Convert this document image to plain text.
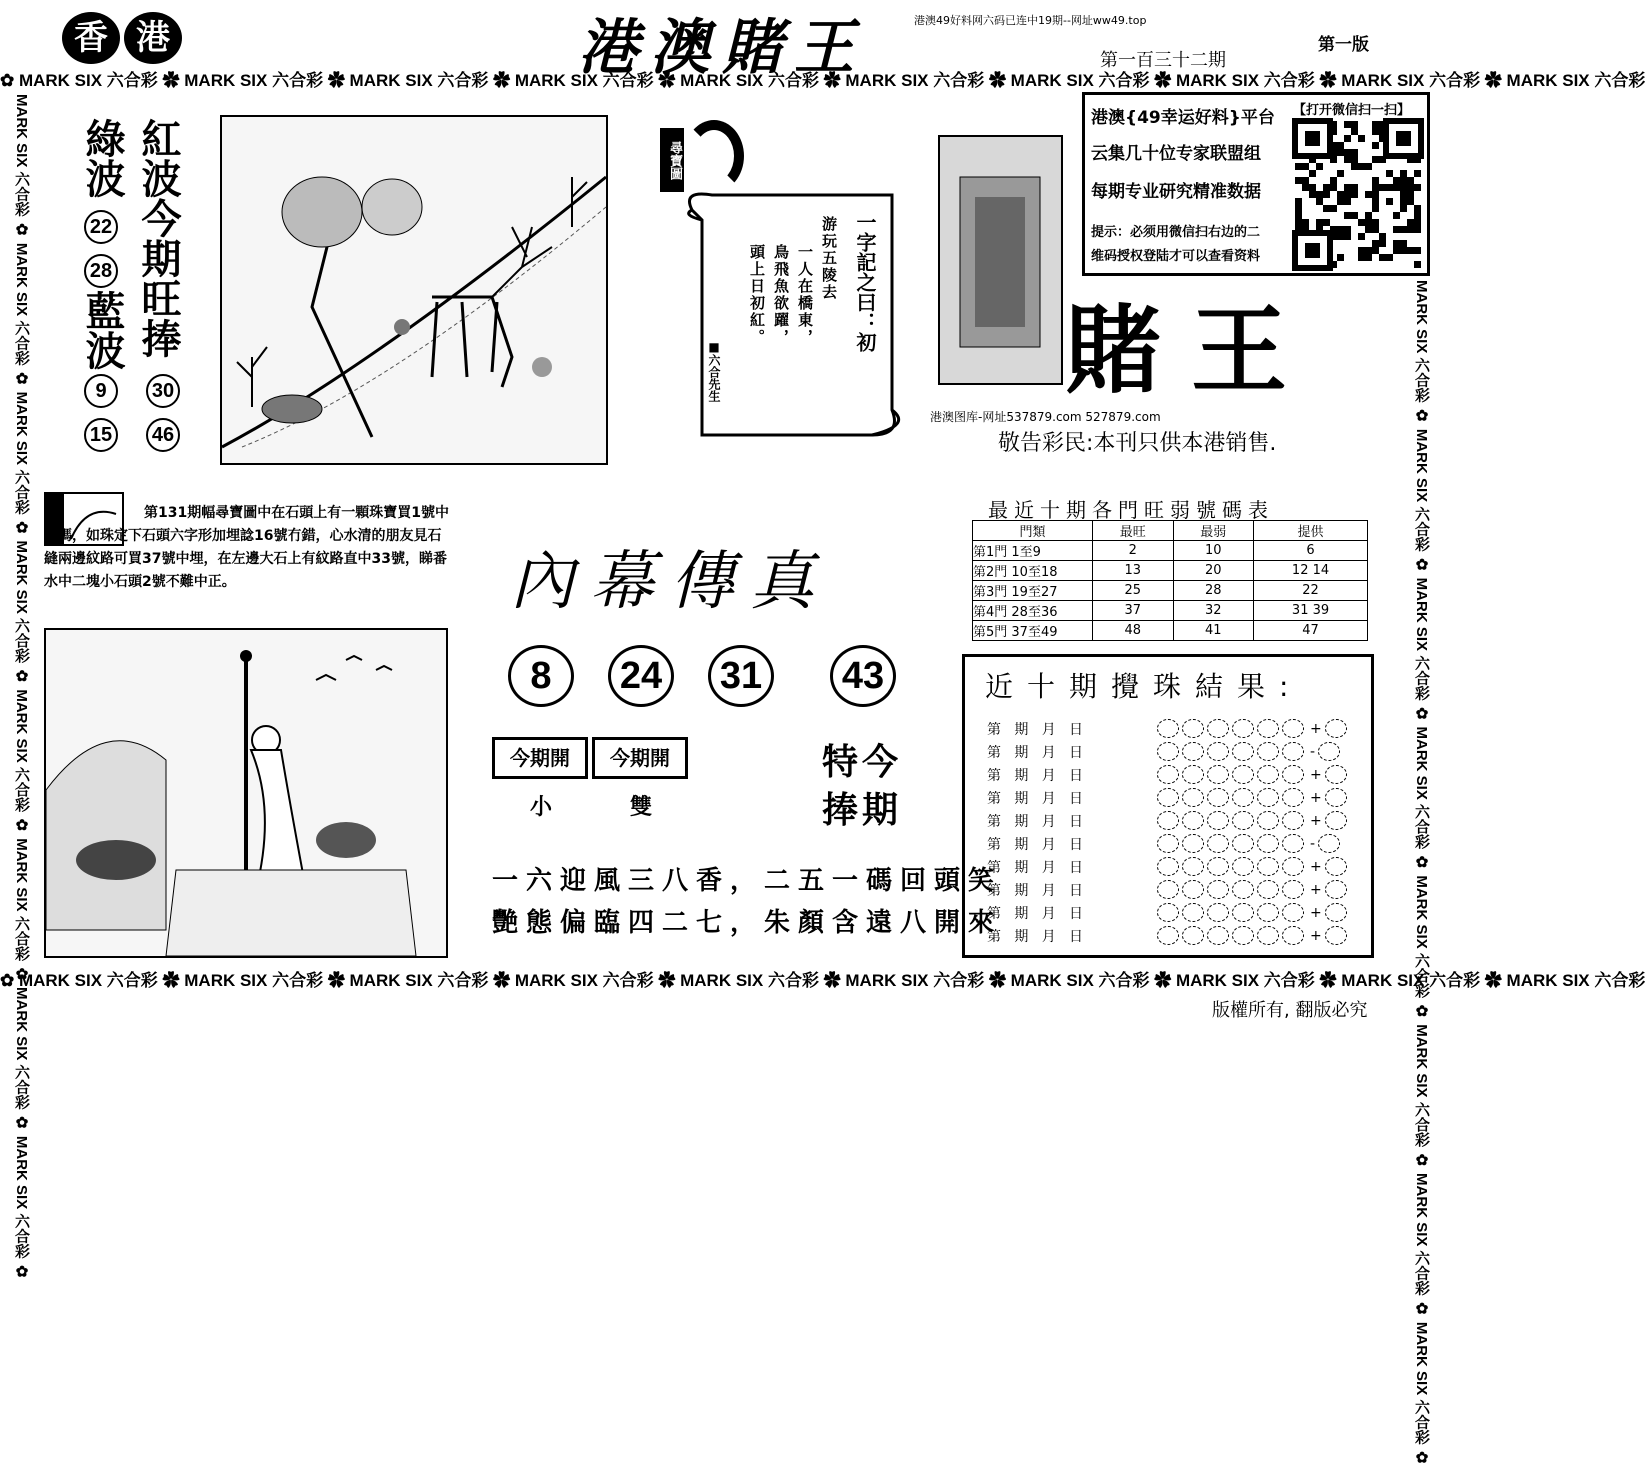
香 港	港澳賭王	港澳49好料网六码已连中19期--网址ww49.top
第一百三十二期
第一版
✿ MARK SIX 六合彩 ✿ MARK SIX 六合彩 ✿ MARK SIX 六合彩 ✿ MARK SIX 六合彩 ✿ MARK SIX 六合彩 ✿ MARK SIX 六合彩 ✿ MARK SIX 六合彩 ✿ MARK SIX 六合彩 ✿ MARK SIX 六合彩 ✿ MARK SIX 六合彩
✿ MARK SIX 六合彩 ✿ MARK SIX 六合彩 ✿ MARK SIX 六合彩 ✿ MARK SIX 六合彩 ✿ MARK SIX 六合彩 ✿ MARK SIX 六合彩 ✿ MARK SIX 六合彩 ✿ MARK SIX 六合彩 ✿ MARK SIX 六合彩 ✿ MARK SIX 六合彩
MARK SIX 六合彩 ✿ MARK SIX 六合彩 ✿ MARK SIX 六合彩 ✿ MARK SIX 六合彩 ✿ MARK SIX 六合彩 ✿ MARK SIX 六合彩 ✿ MARK SIX 六合彩 ✿ MARK SIX 六合彩 ✿	MARK SIX 六合彩 ✿ MARK SIX 六合彩 ✿ MARK SIX 六合彩 ✿ MARK SIX 六合彩 ✿ MARK SIX 六合彩 ✿ MARK SIX 六合彩 ✿ MARK SIX 六合彩 ✿ MARK SIX 六合彩 ✿
紅波今期旺捧
綠波
22
28
藍波
9
15
30
46
尋寶圖
一字記之曰：初
游玩五陵去
一人在橋東，
鳥飛魚欲躍，
頭上日初紅。
■六合先生	賭王
港澳图库-网址537879.com 527879.com
敬告彩民:本刊只供本港销售.
港澳{49幸运好料}平台 【打开微信扫一扫】
云集几十位专家联盟组
每期专业研究精准数据
提示：必须用微信扫右边的二
维码授权登陆才可以查看资料
第131期幅尋寶圖中在石頭上有一顆珠寶買1號中特碼，如珠定下石頭六字形加埋諗16號冇錯，心水清的朋友見石縫兩邊紋路可買37號中埋，在左邊大石上有紋路直中33號，睇番水中二塊小石頭2號不難中正。	內幕傳真
8	24	31	43
今期開	今期開
小	雙
特今
捧期
一六迎風三八香，二五一碼回頭笑
艷態偏臨四二七，朱顏含遠八開來
最近十期各門旺弱號碼表
門類	最旺	最弱	提供
第1門 1至9	2	10	6
第2門 10至18	13	20	12 14
第3門 19至27	25	28	22
第4門 28至36	37	32	31 39
第5門 37至49	48	41	47
近十期攪珠結果:
第   期   月   日	+
第   期   月   日	-
第   期   月   日	+
第   期   月   日	+
第   期   月   日	+
第   期   月   日	-
第   期   月   日	+
第   期   月   日	+
第   期   月   日	+
第   期   月   日	+
版權所有, 翻版必究
